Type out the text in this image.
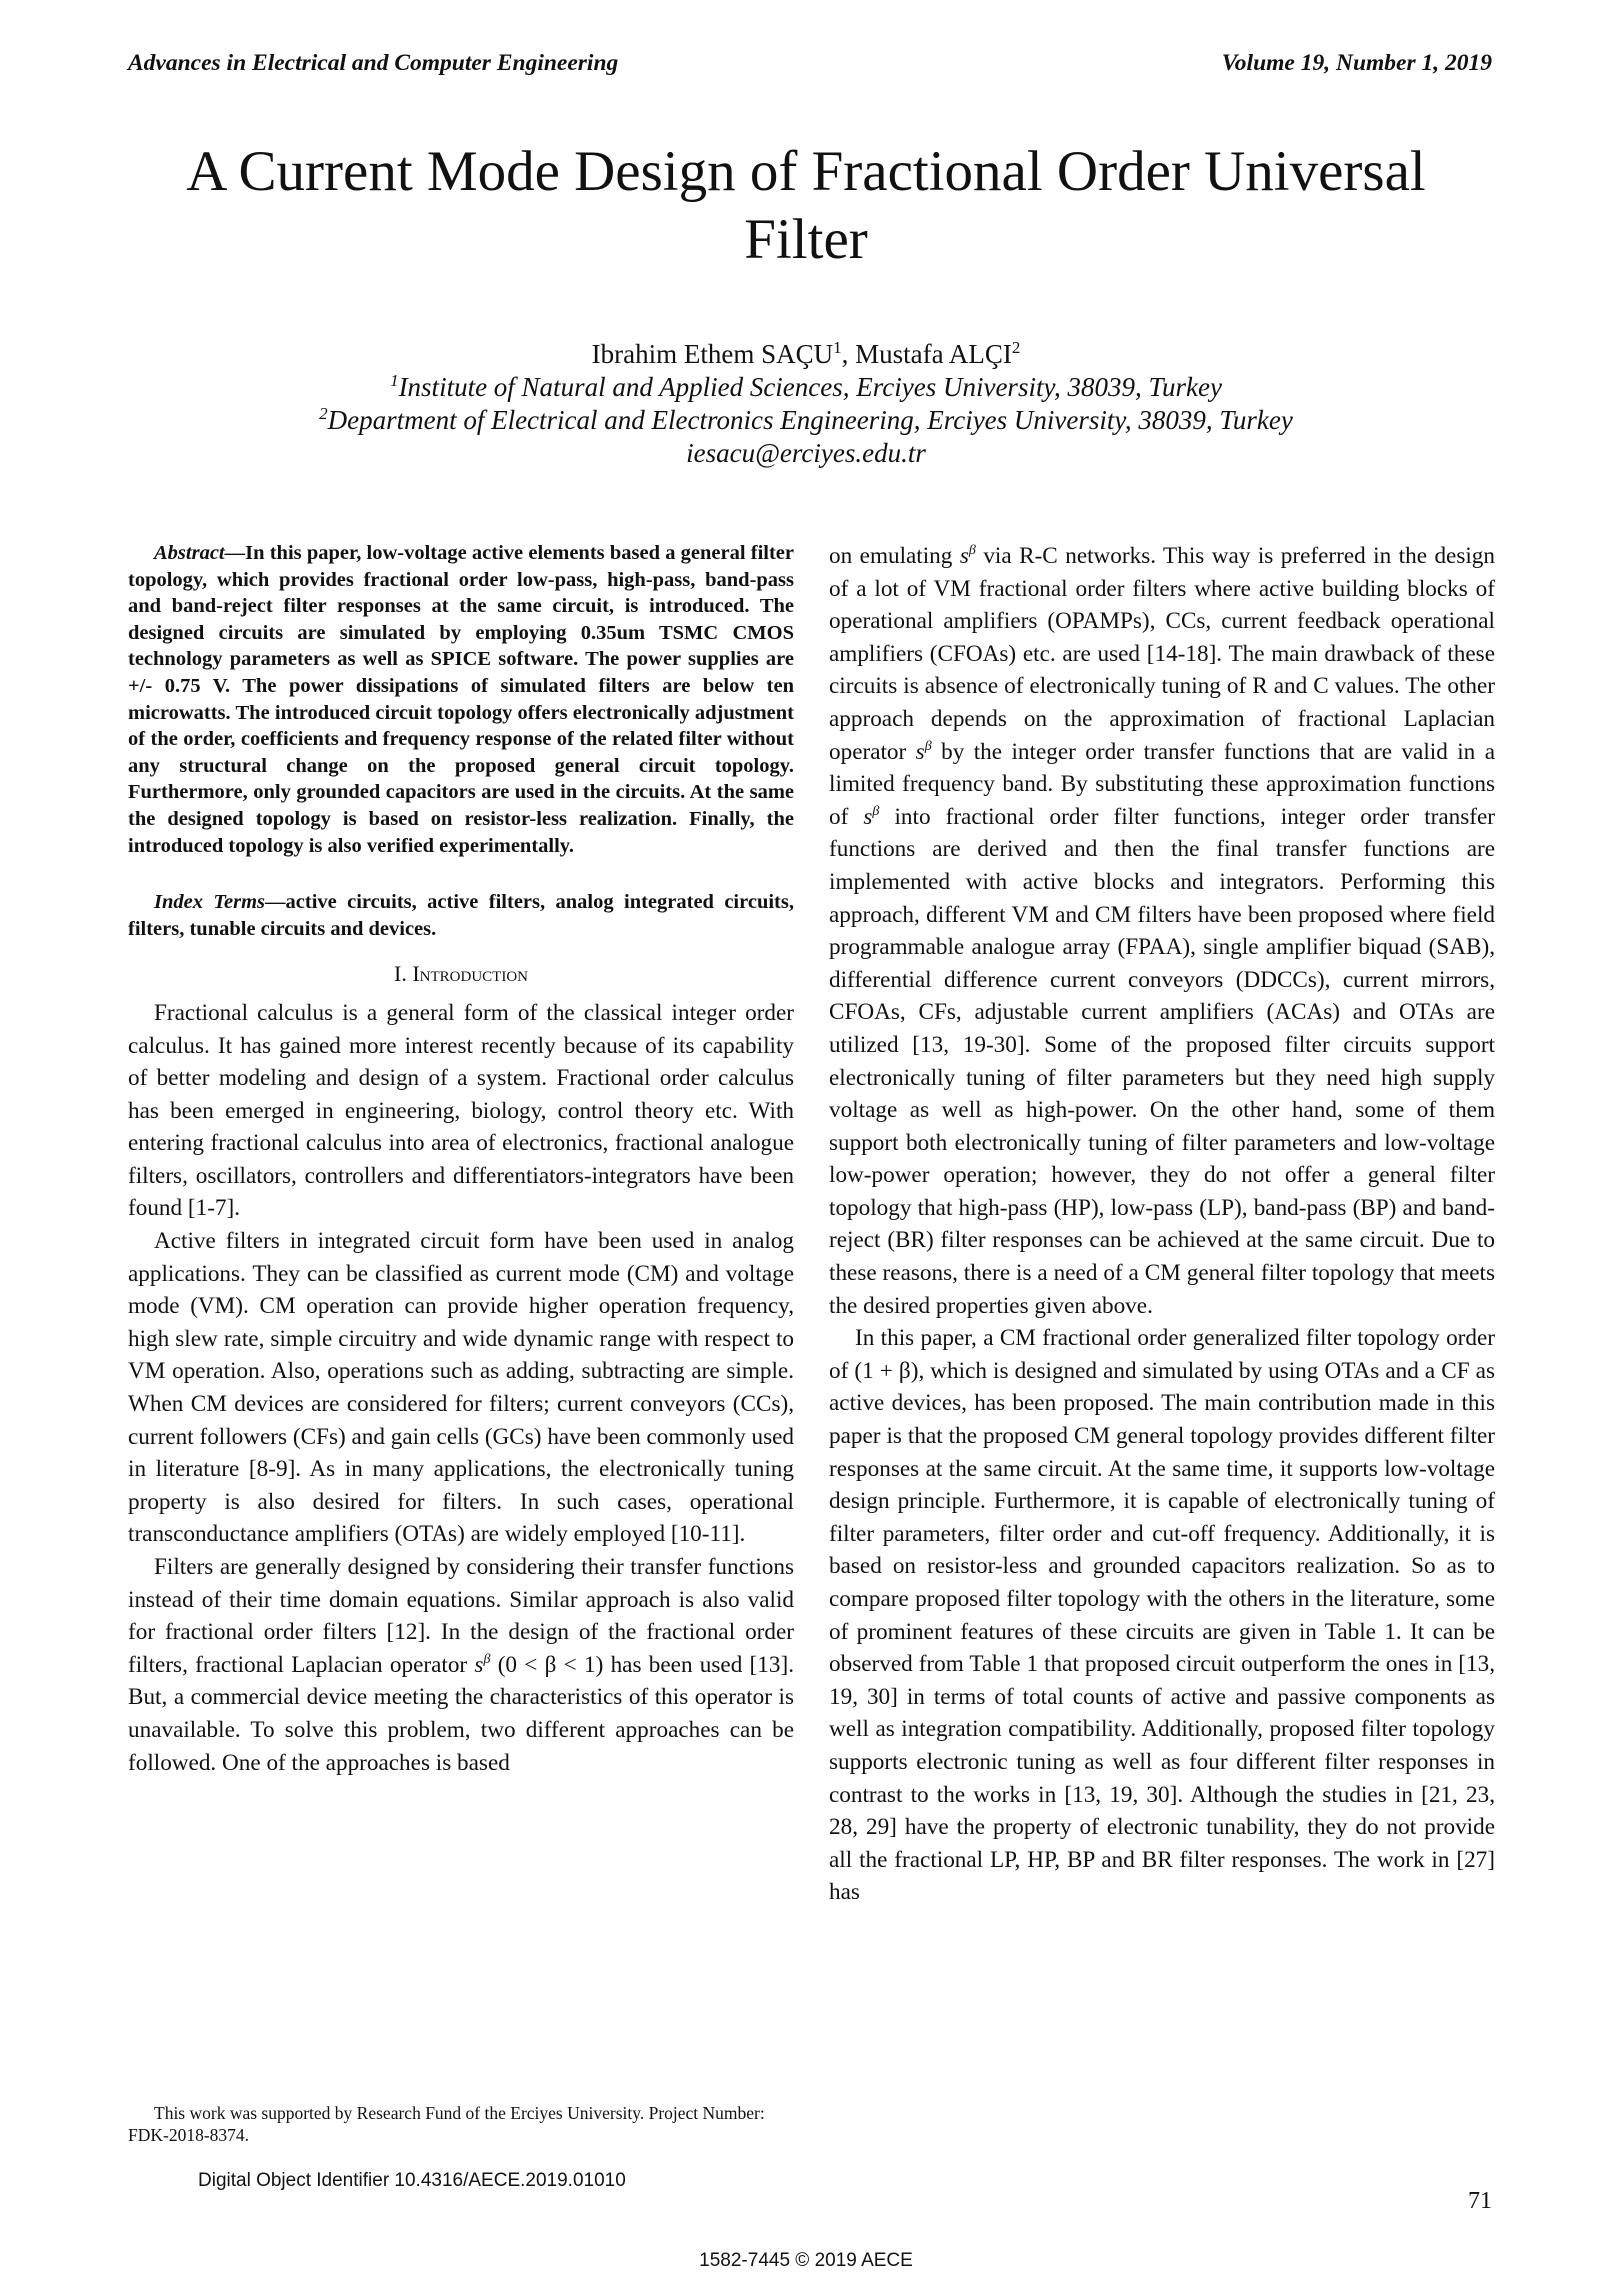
Advances in Electrical and Computer Engineering	Volume 19, Number 1, 2019
A Current Mode Design of Fractional Order Universal Filter
Ibrahim Ethem SAÇU$^1$, Mustafa ALÇI$^2$
$^1$Institute of Natural and Applied Sciences, Erciyes University, 38039, Turkey
$^2$Department of Electrical and Electronics Engineering, Erciyes University, 38039, Turkey
iesacu@erciyes.edu.tr

Abstract—In this paper, low-voltage active elements based a general filter topology, which provides fractional order low-pass, high-pass, band-pass and band-reject filter responses at the same circuit, is introduced. The designed circuits are simulated by employing 0.35um TSMC CMOS technology parameters as well as SPICE software. The power supplies are +/- 0.75 V. The power dissipations of simulated filters are below ten microwatts. The introduced circuit topology offers electronically adjustment of the order, coefficients and frequency response of the related filter without any structural change on the proposed general circuit topology. Furthermore, only grounded capacitors are used in the circuits. At the same the designed topology is based on resistor-less realization. Finally, the introduced topology is also verified experimentally.

Index Terms—active circuits, active filters, analog integrated circuits, filters, tunable circuits and devices.

I. Introduction

Fractional calculus is a general form of the classical integer order calculus. It has gained more interest recently because of its capability of better modeling and design of a system. Fractional order calculus has been emerged in engineering, biology, control theory etc. With entering fractional calculus into area of electronics, fractional analogue filters, oscillators, controllers and differentiators-integrators have been found [1-7].

Active filters in integrated circuit form have been used in analog applications. They can be classified as current mode (CM) and voltage mode (VM). CM operation can provide higher operation frequency, high slew rate, simple circuitry and wide dynamic range with respect to VM operation. Also, operations such as adding, subtracting are simple. When CM devices are considered for filters; current conveyors (CCs), current followers (CFs) and gain cells (GCs) have been commonly used in literature [8-9]. As in many applications, the electronically tuning property is also desired for filters. In such cases, operational transconductance amplifiers (OTAs) are widely employed [10-11].

Filters are generally designed by considering their transfer functions instead of their time domain equations. Similar approach is also valid for fractional order filters [12]. In the design of the fractional order filters, fractional Laplacian operator $s^\beta$ (0 < β < 1) has been used [13]. But, a commercial device meeting the characteristics of this operator is unavailable. To solve this problem, two different approaches can be followed. One of the approaches is based

on emulating $s^\beta$ via R-C networks. This way is preferred in the design of a lot of VM fractional order filters where active building blocks of operational amplifiers (OPAMPs), CCs, current feedback operational amplifiers (CFOAs) etc. are used [14-18]. The main drawback of these circuits is absence of electronically tuning of R and C values. The other approach depends on the approximation of fractional Laplacian operator $s^\beta$ by the integer order transfer functions that are valid in a limited frequency band. By substituting these approximation functions of $s^\beta$ into fractional order filter functions, integer order transfer functions are derived and then the final transfer functions are implemented with active blocks and integrators. Performing this approach, different VM and CM filters have been proposed where field programmable analogue array (FPAA), single amplifier biquad (SAB), differential difference current conveyors (DDCCs), current mirrors, CFOAs, CFs, adjustable current amplifiers (ACAs) and OTAs are utilized [13, 19-30]. Some of the proposed filter circuits support electronically tuning of filter parameters but they need high supply voltage as well as high-power. On the other hand, some of them support both electronically tuning of filter parameters and low-voltage low-power operation; however, they do not offer a general filter topology that high-pass (HP), low-pass (LP), band-pass (BP) and band-reject (BR) filter responses can be achieved at the same circuit. Due to these reasons, there is a need of a CM general filter topology that meets the desired properties given above.

In this paper, a CM fractional order generalized filter topology order of (1 + β), which is designed and simulated by using OTAs and a CF as active devices, has been proposed. The main contribution made in this paper is that the proposed CM general topology provides different filter responses at the same circuit. At the same time, it supports low-voltage design principle. Furthermore, it is capable of electronically tuning of filter parameters, filter order and cut-off frequency. Additionally, it is based on resistor-less and grounded capacitors realization. So as to compare proposed filter topology with the others in the literature, some of prominent features of these circuits are given in Table 1. It can be observed from Table 1 that proposed circuit outperform the ones in [13, 19, 30] in terms of total counts of active and passive components as well as integration compatibility. Additionally, proposed filter topology supports electronic tuning as well as four different filter responses in contrast to the works in [13, 19, 30]. Although the studies in [21, 23, 28, 29] have the property of electronic tunability, they do not provide all the fractional LP, HP, BP and BR filter responses. The work in [27] has

This work was supported by Research Fund of the Erciyes University. Project Number: FDK-2018-8374.
Digital Object Identifier 10.4316/AECE.2019.01010
71
1582-7445 © 2019 AECE
